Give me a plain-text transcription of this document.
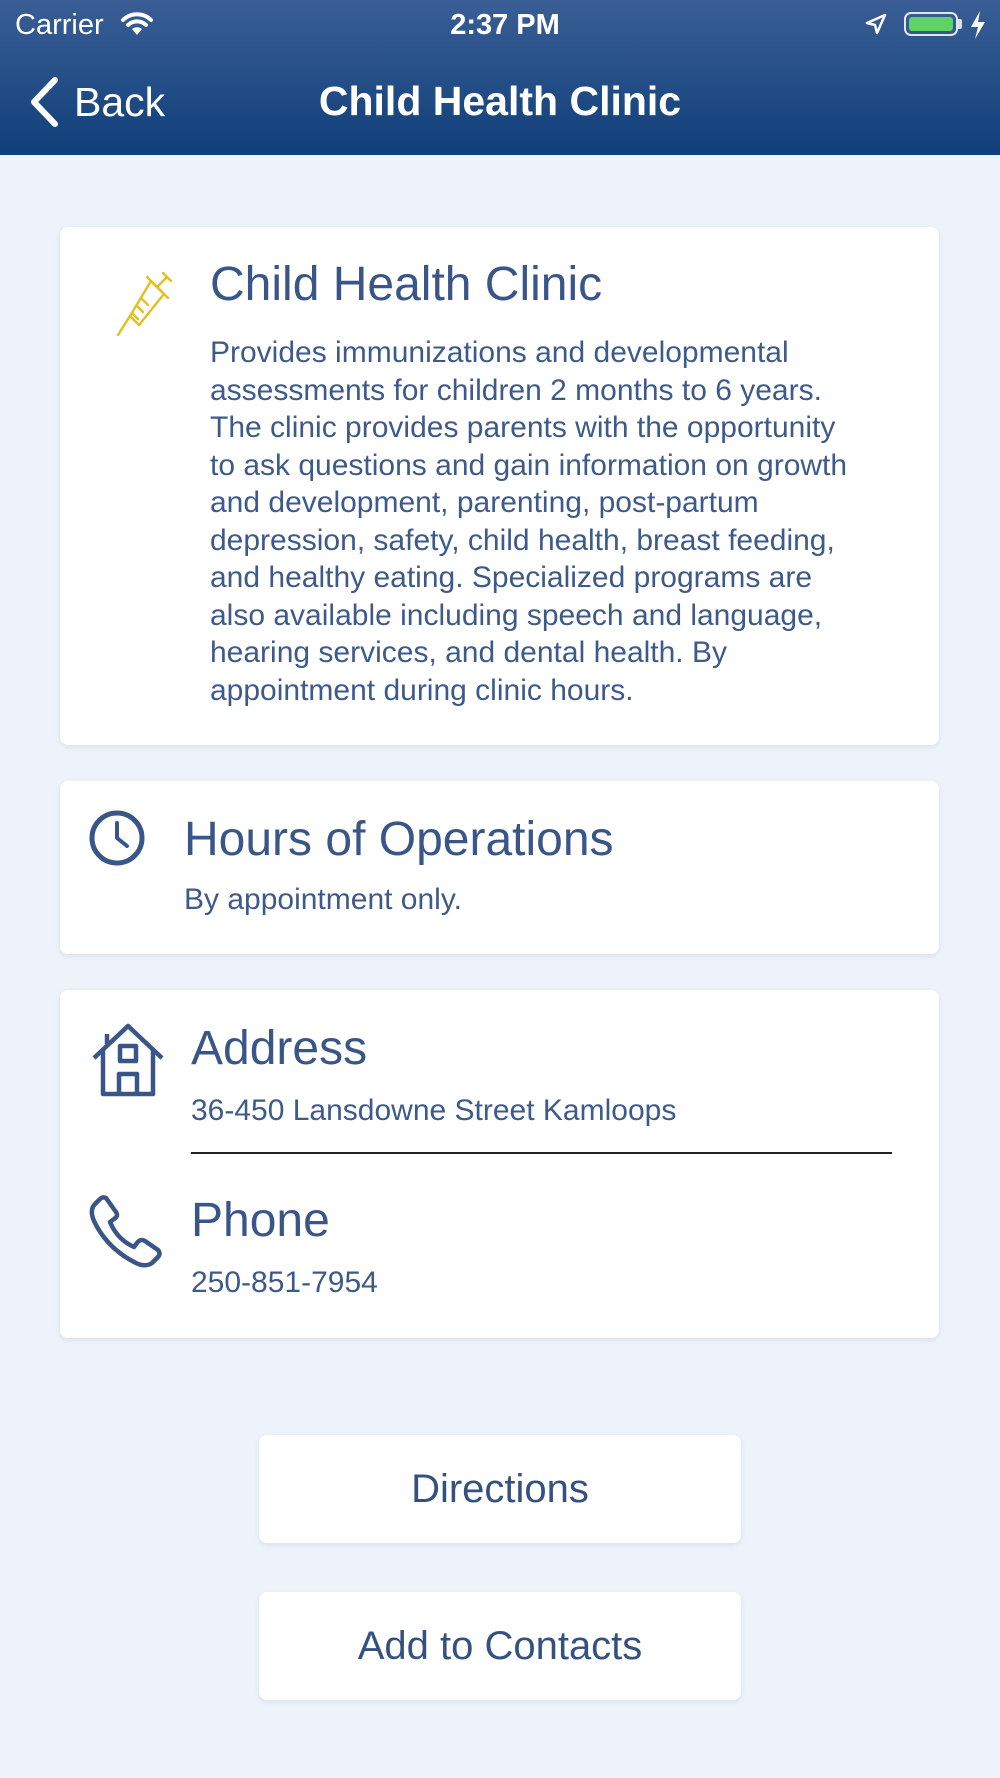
Carrier	2:37 PM
Back	Child Health Clinic
Child Health Clinic
Provides immunizations and developmental
assessments for children 2 months to 6 years.
The clinic provides parents with the opportunity
to ask questions and gain information on growth
and development, parenting, post-partum
depression, safety, child health, breast feeding,
and healthy eating. Specialized programs are
also available including speech and language,
hearing services, and dental health. By
appointment during clinic hours.
Hours of Operations
By appointment only.
Address
36-450 Lansdowne Street Kamloops
Phone
250-851-7954
Directions
Add to Contacts
